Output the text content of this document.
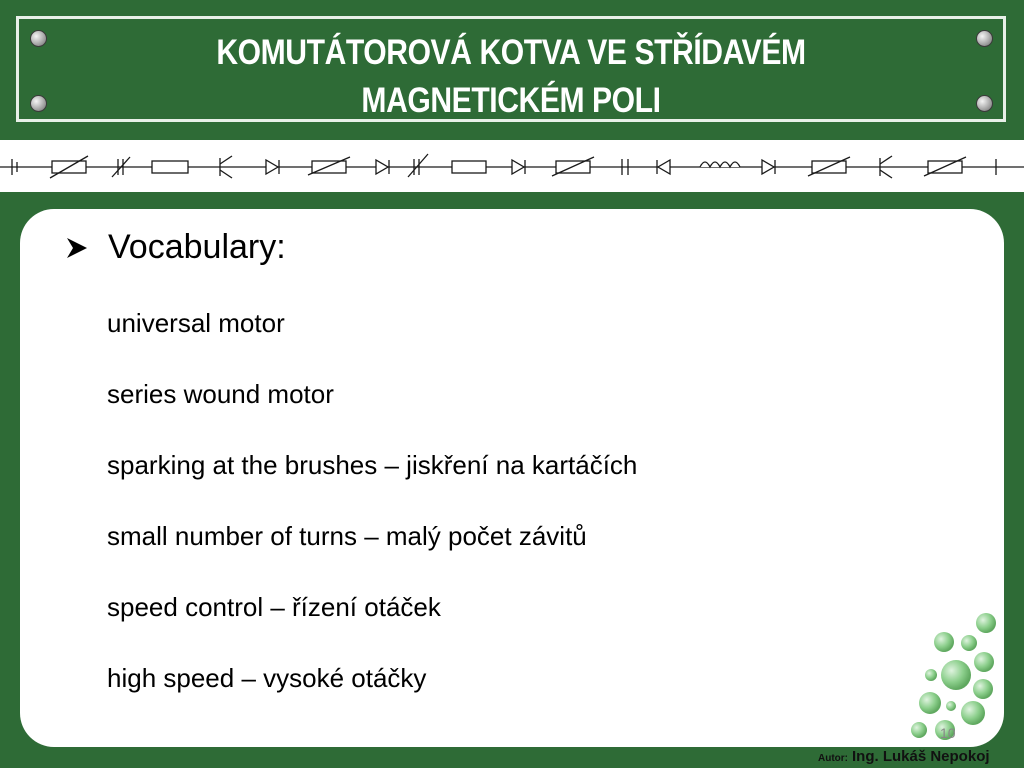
KOMUTÁTOROVÁ KOTVA VE STŘÍDAVÉM
MAGNETICKÉM POLI
Vocabulary:
universal motor
series wound motor
sparking at the brushes – jiskření na kartáčích
small number of turns – malý počet závitů
speed control – řízení otáček
high speed – vysoké otáčky
10
Autor: Ing. Lukáš Nepokoj
